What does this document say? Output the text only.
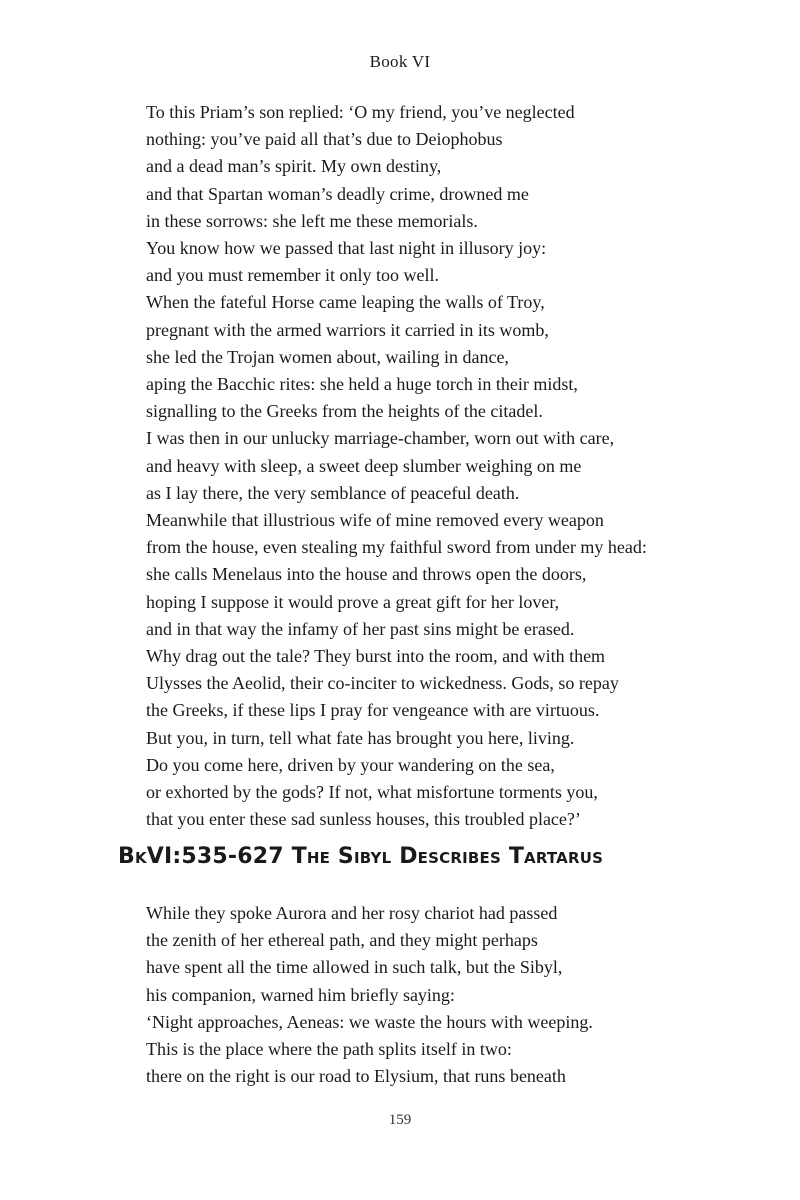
Book VI
To this Priam’s son replied: ‘O my friend, you’ve neglected
nothing: you’ve paid all that’s due to Deiophobus
and a dead man’s spirit. My own destiny,
and that Spartan woman’s deadly crime, drowned me
in these sorrows: she left me these memorials.
You know how we passed that last night in illusory joy:
and you must remember it only too well.
When the fateful Horse came leaping the walls of Troy,
pregnant with the armed warriors it carried in its womb,
she led the Trojan women about, wailing in dance,
aping the Bacchic rites: she held a huge torch in their midst,
signalling to the Greeks from the heights of the citadel.
I was then in our unlucky marriage-chamber, worn out with care,
and heavy with sleep, a sweet deep slumber weighing on me
as I lay there, the very semblance of peaceful death.
Meanwhile that illustrious wife of mine removed every weapon
from the house, even stealing my faithful sword from under my head:
she calls Menelaus into the house and throws open the doors,
hoping I suppose it would prove a great gift for her lover,
and in that way the infamy of her past sins might be erased.
Why drag out the tale? They burst into the room, and with them
Ulysses the Aeolid, their co-inciter to wickedness. Gods, so repay
the Greeks, if these lips I pray for vengeance with are virtuous.
But you, in turn, tell what fate has brought you here, living.
Do you come here, driven by your wandering on the sea,
or exhorted by the gods? If not, what misfortune torments you,
that you enter these sad sunless houses, this troubled place?’
BkVI:535-627 The Sibyl Describes Tartarus
While they spoke Aurora and her rosy chariot had passed
the zenith of her ethereal path, and they might perhaps
have spent all the time allowed in such talk, but the Sibyl,
his companion, warned him briefly saying:
‘Night approaches, Aeneas: we waste the hours with weeping.
This is the place where the path splits itself in two:
there on the right is our road to Elysium, that runs beneath
159
